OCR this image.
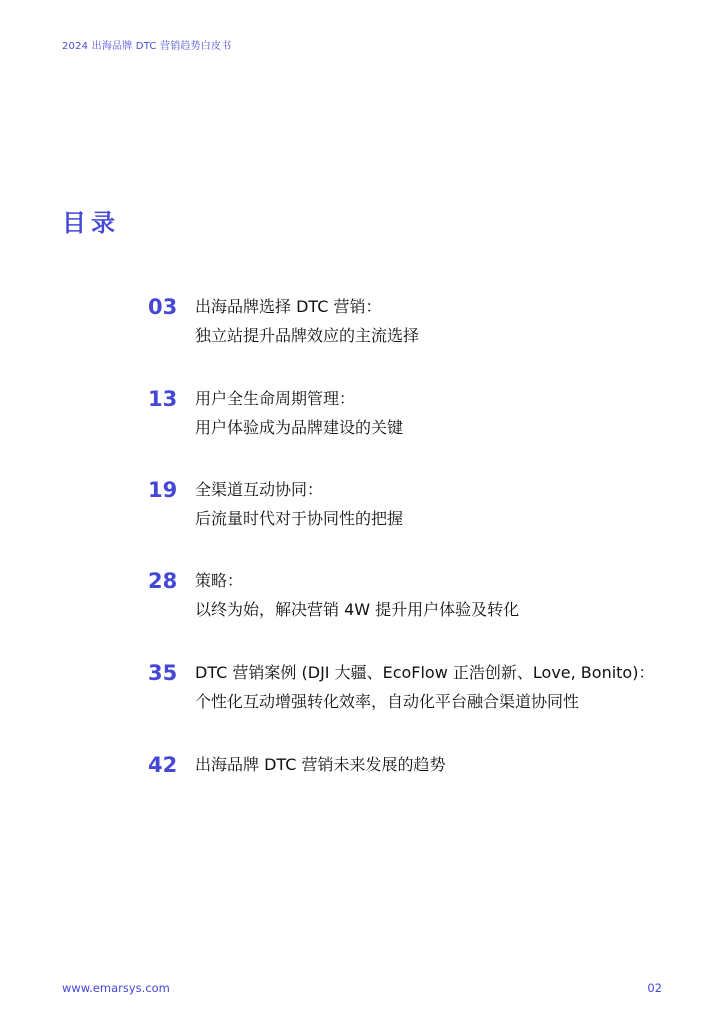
2024 出海品牌 DTC 营销趋势白皮书
目录
03 出海品牌选择 DTC 营销：
独立站提升品牌效应的主流选择
13 用户全生命周期管理：
用户体验成为品牌建设的关键
19 全渠道互动协同：
后流量时代对于协同性的把握
28 策略：
以终为始，解决营销 4W 提升用户体验及转化
35 DTC 营销案例 (DJI 大疆、EcoFlow 正浩创新、Love, Bonito)：
个性化互动增强转化效率，自动化平台融合渠道协同性
42 出海品牌 DTC 营销未来发展的趋势
www.emarsys.com	02
